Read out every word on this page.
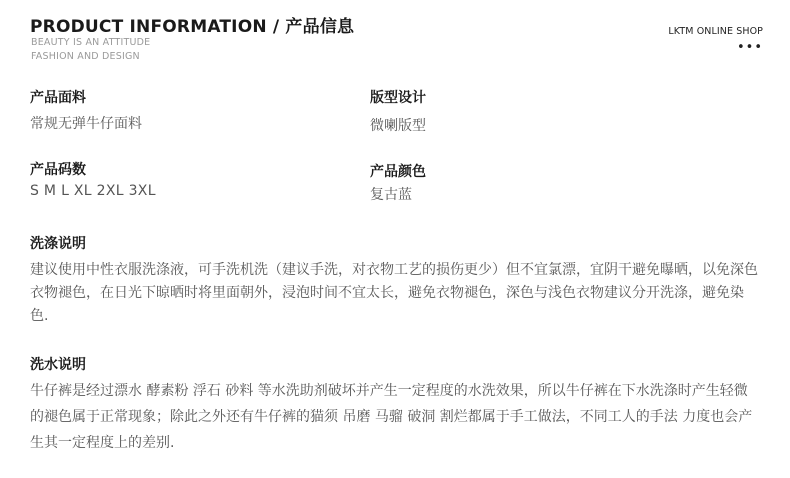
PRODUCT INFORMATION / 产品信息
BEAUTY IS AN ATTITUDE
FASHION AND DESIGN
LKTM ONLINE SHOP
•••
产品面料
常规无弹牛仔面料
版型设计
微喇版型
产品码数
S M L XL 2XL 3XL
产品颜色
复古蓝
洗涤说明
建议使用中性衣服洗涤液，可手洗机洗（建议手洗，对衣物工艺的损伤更少）但不宜氯漂，宜阴干避免曝晒，以免深色衣物褪色，在日光下晾晒时将里面朝外，浸泡时间不宜太长，避免衣物褪色，深色与浅色衣物建议分开洗涤，避免染色.
洗水说明
牛仔裤是经过漂水 酵素粉 浮石 砂料 等水洗助剂破坏并产生一定程度的水洗效果，所以牛仔裤在下水洗涤时产生轻微的褪色属于正常现象；除此之外还有牛仔裤的猫须 吊磨 马骝 破洞 割烂都属于手工做法，不同工人的手法 力度也会产生其一定程度上的差别.
